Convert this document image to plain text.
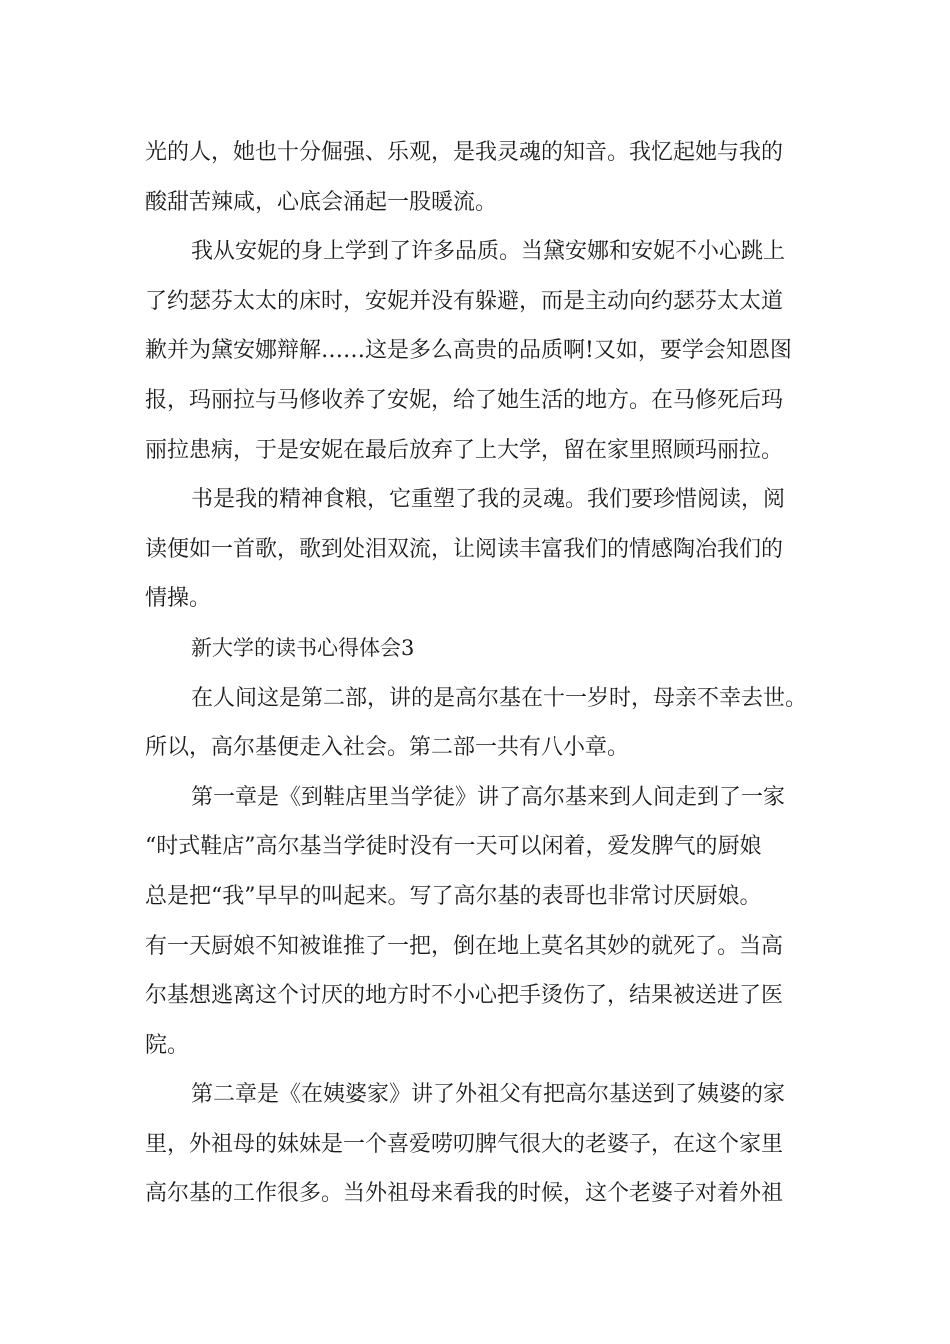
光的人，她也十分倔强、乐观，是我灵魂的知音。我忆起她与我的
酸甜苦辣咸，心底会涌起一股暖流。
我从安妮的身上学到了许多品质。当黛安娜和安妮不小心跳上
了约瑟芬太太的床时，安妮并没有躲避，而是主动向约瑟芬太太道
歉并为黛安娜辩解……这是多么高贵的品质啊!又如，要学会知恩图
报，玛丽拉与马修收养了安妮，给了她生活的地方。在马修死后玛
丽拉患病，于是安妮在最后放弃了上大学，留在家里照顾玛丽拉。
书是我的精神食粮，它重塑了我的灵魂。我们要珍惜阅读，阅
读便如一首歌，歌到处泪双流，让阅读丰富我们的情感陶冶我们的
情操。
新大学的读书心得体会3
在人间这是第二部，讲的是高尔基在十一岁时，母亲不幸去世。
所以，高尔基便走入社会。第二部一共有八小章。
第一章是《到鞋店里当学徒》讲了高尔基来到人间走到了一家
“时式鞋店”高尔基当学徒时没有一天可以闲着，爱发脾气的厨娘
总是把“我”早早的叫起来。写了高尔基的表哥也非常讨厌厨娘。
有一天厨娘不知被谁推了一把，倒在地上莫名其妙的就死了。当高
尔基想逃离这个讨厌的地方时不小心把手烫伤了，结果被送进了医
院。
第二章是《在姨婆家》讲了外祖父有把高尔基送到了姨婆的家
里，外祖母的妹妹是一个喜爱唠叨脾气很大的老婆子，在这个家里
高尔基的工作很多。当外祖母来看我的时候，这个老婆子对着外祖
